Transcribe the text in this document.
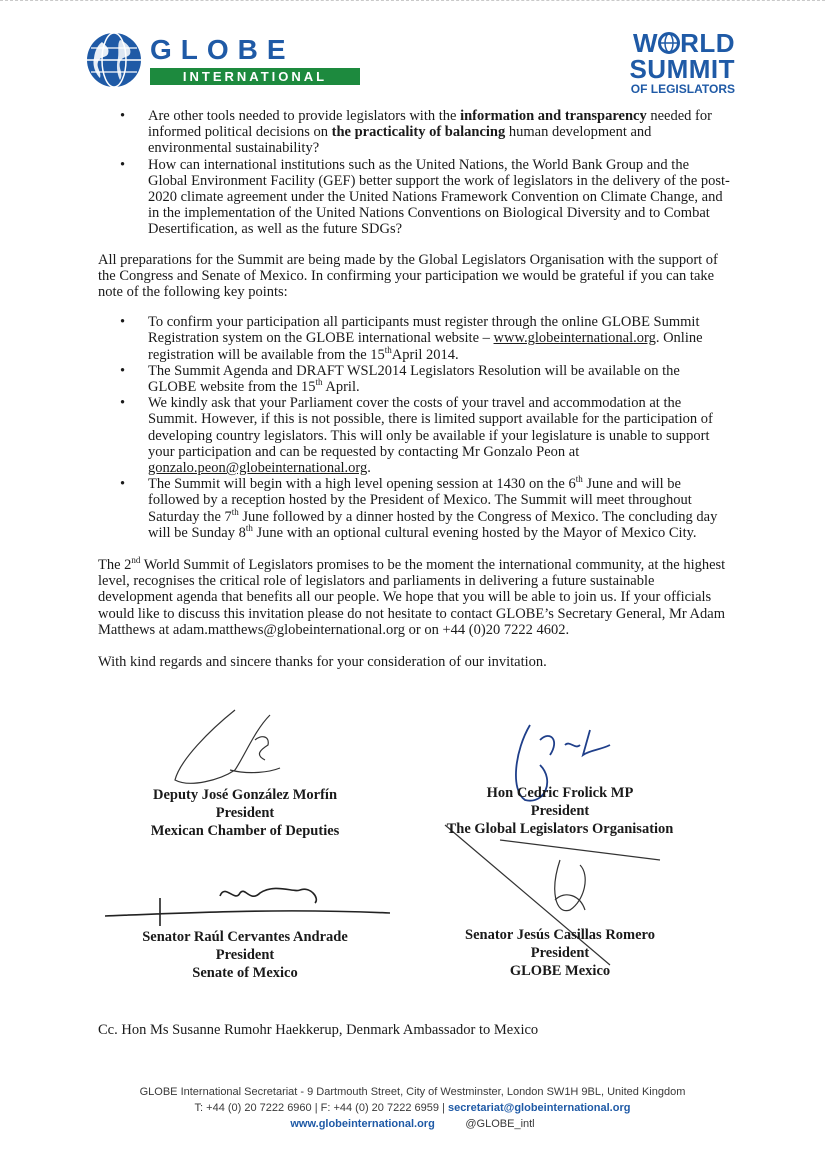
GLOBE
INTERNATIONAL
W RLD
SUMMIT
OF LEGISLATORS
• Are other tools needed to provide legislators with the information and transparency needed for informed political decisions on the practicality of balancing human development and environmental sustainability?
• How can international institutions such as the United Nations, the World Bank Group and the Global Environment Facility (GEF) better support the work of legislators in the delivery of the post-2020 climate agreement under the United Nations Framework Convention on Climate Change, and in the implementation of the United Nations Conventions on Biological Diversity and to Combat Desertification, as well as the future SDGs?

All preparations for the Summit are being made by the Global Legislators Organisation with the support of the Congress and Senate of Mexico. In confirming your participation we would be grateful if you can take note of the following key points:

• To confirm your participation all participants must register through the online GLOBE Summit Registration system on the GLOBE international website – www.globeinternational.org. Online registration will be available from the 15thApril 2014.
• The Summit Agenda and DRAFT WSL2014 Legislators Resolution will be available on the GLOBE website from the 15th April.
• We kindly ask that your Parliament cover the costs of your travel and accommodation at the Summit. However, if this is not possible, there is limited support available for the participation of developing country legislators. This will only be available if your legislature is unable to support your participation and can be requested by contacting Mr Gonzalo Peon at gonzalo.peon@globeinternational.org.
• The Summit will begin with a high level opening session at 1430 on the 6th June and will be followed by a reception hosted by the President of Mexico. The Summit will meet throughout Saturday the 7th June followed by a dinner hosted by the Congress of Mexico. The concluding day will be Sunday 8th June with an optional cultural evening hosted by the Mayor of Mexico City.

The 2nd World Summit of Legislators promises to be the moment the international community, at the highest level, recognises the critical role of legislators and parliaments in delivering a future sustainable development agenda that benefits all our people. We hope that you will be able to join us. If your officials would like to discuss this invitation please do not hesitate to contact GLOBE’s Secretary General, Mr Adam Matthews at adam.matthews@globeinternational.org or on +44 (0)20 7222 4602.

With kind regards and sincere thanks for your consideration of our invitation.

Deputy José González Morfín
President
Mexican Chamber of Deputies
Hon Cedric Frolick MP
President
The Global Legislators Organisation
Senator Raúl Cervantes Andrade
President
Senate of Mexico
Senator Jesús Casillas Romero
President
GLOBE Mexico
Cc. Hon Ms Susanne Rumohr Haekkerup, Denmark Ambassador to Mexico
GLOBE International Secretariat - 9 Dartmouth Street, City of Westminster, London SW1H 9BL, United Kingdom
T: +44 (0) 20 7222 6960 | F: +44 (0) 20 7222 6959 | secretariat@globeinternational.org
www.globeinternational.org	@GLOBE_intl
